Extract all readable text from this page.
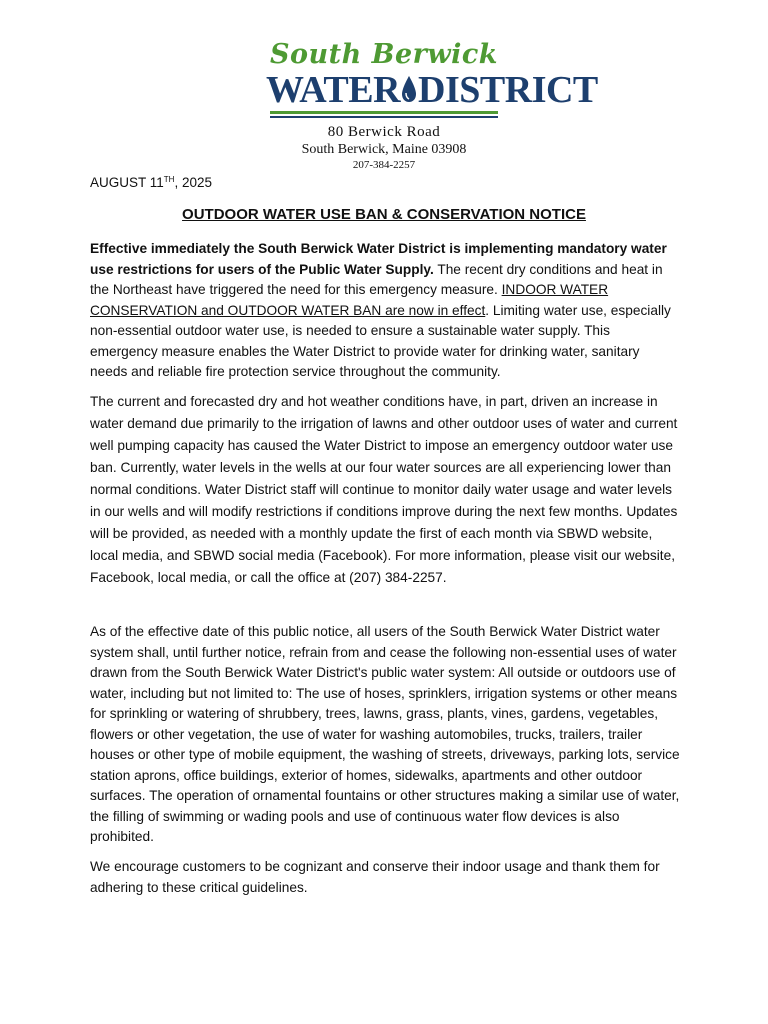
South Berwick
WATER DISTRICT
80 Berwick Road
South Berwick, Maine 03908
207-384-2257
AUGUST 11TH, 2025
OUTDOOR WATER USE BAN & CONSERVATION NOTICE
Effective immediately the South Berwick Water District is implementing mandatory water use restrictions for users of the Public Water Supply. The recent dry conditions and heat in the Northeast have triggered the need for this emergency measure. INDOOR WATER CONSERVATION and OUTDOOR WATER BAN are now in effect. Limiting water use, especially non-essential outdoor water use, is needed to ensure a sustainable water supply. This emergency measure enables the Water District to provide water for drinking water, sanitary needs and reliable fire protection service throughout the community.
The current and forecasted dry and hot weather conditions have, in part, driven an increase in water demand due primarily to the irrigation of lawns and other outdoor uses of water and current well pumping capacity has caused the Water District to impose an emergency outdoor water use ban. Currently, water levels in the wells at our four water sources are all experiencing lower than normal conditions. Water District staff will continue to monitor daily water usage and water levels in our wells and will modify restrictions if conditions improve during the next few months. Updates will be provided, as needed with a monthly update the first of each month via SBWD website, local media, and SBWD social media (Facebook). For more information, please visit our website, Facebook, local media, or call the office at (207) 384-2257.
As of the effective date of this public notice, all users of the South Berwick Water District water system shall, until further notice, refrain from and cease the following non-essential uses of water drawn from the South Berwick Water District's public water system: All outside or outdoors use of water, including but not limited to: The use of hoses, sprinklers, irrigation systems or other means for sprinkling or watering of shrubbery, trees, lawns, grass, plants, vines, gardens, vegetables, flowers or other vegetation, the use of water for washing automobiles, trucks, trailers, trailer houses or other type of mobile equipment, the washing of streets, driveways, parking lots, service station aprons, office buildings, exterior of homes, sidewalks, apartments and other outdoor surfaces. The operation of ornamental fountains or other structures making a similar use of water, the filling of swimming or wading pools and use of continuous water flow devices is also prohibited.
We encourage customers to be cognizant and conserve their indoor usage and thank them for adhering to these critical guidelines.
